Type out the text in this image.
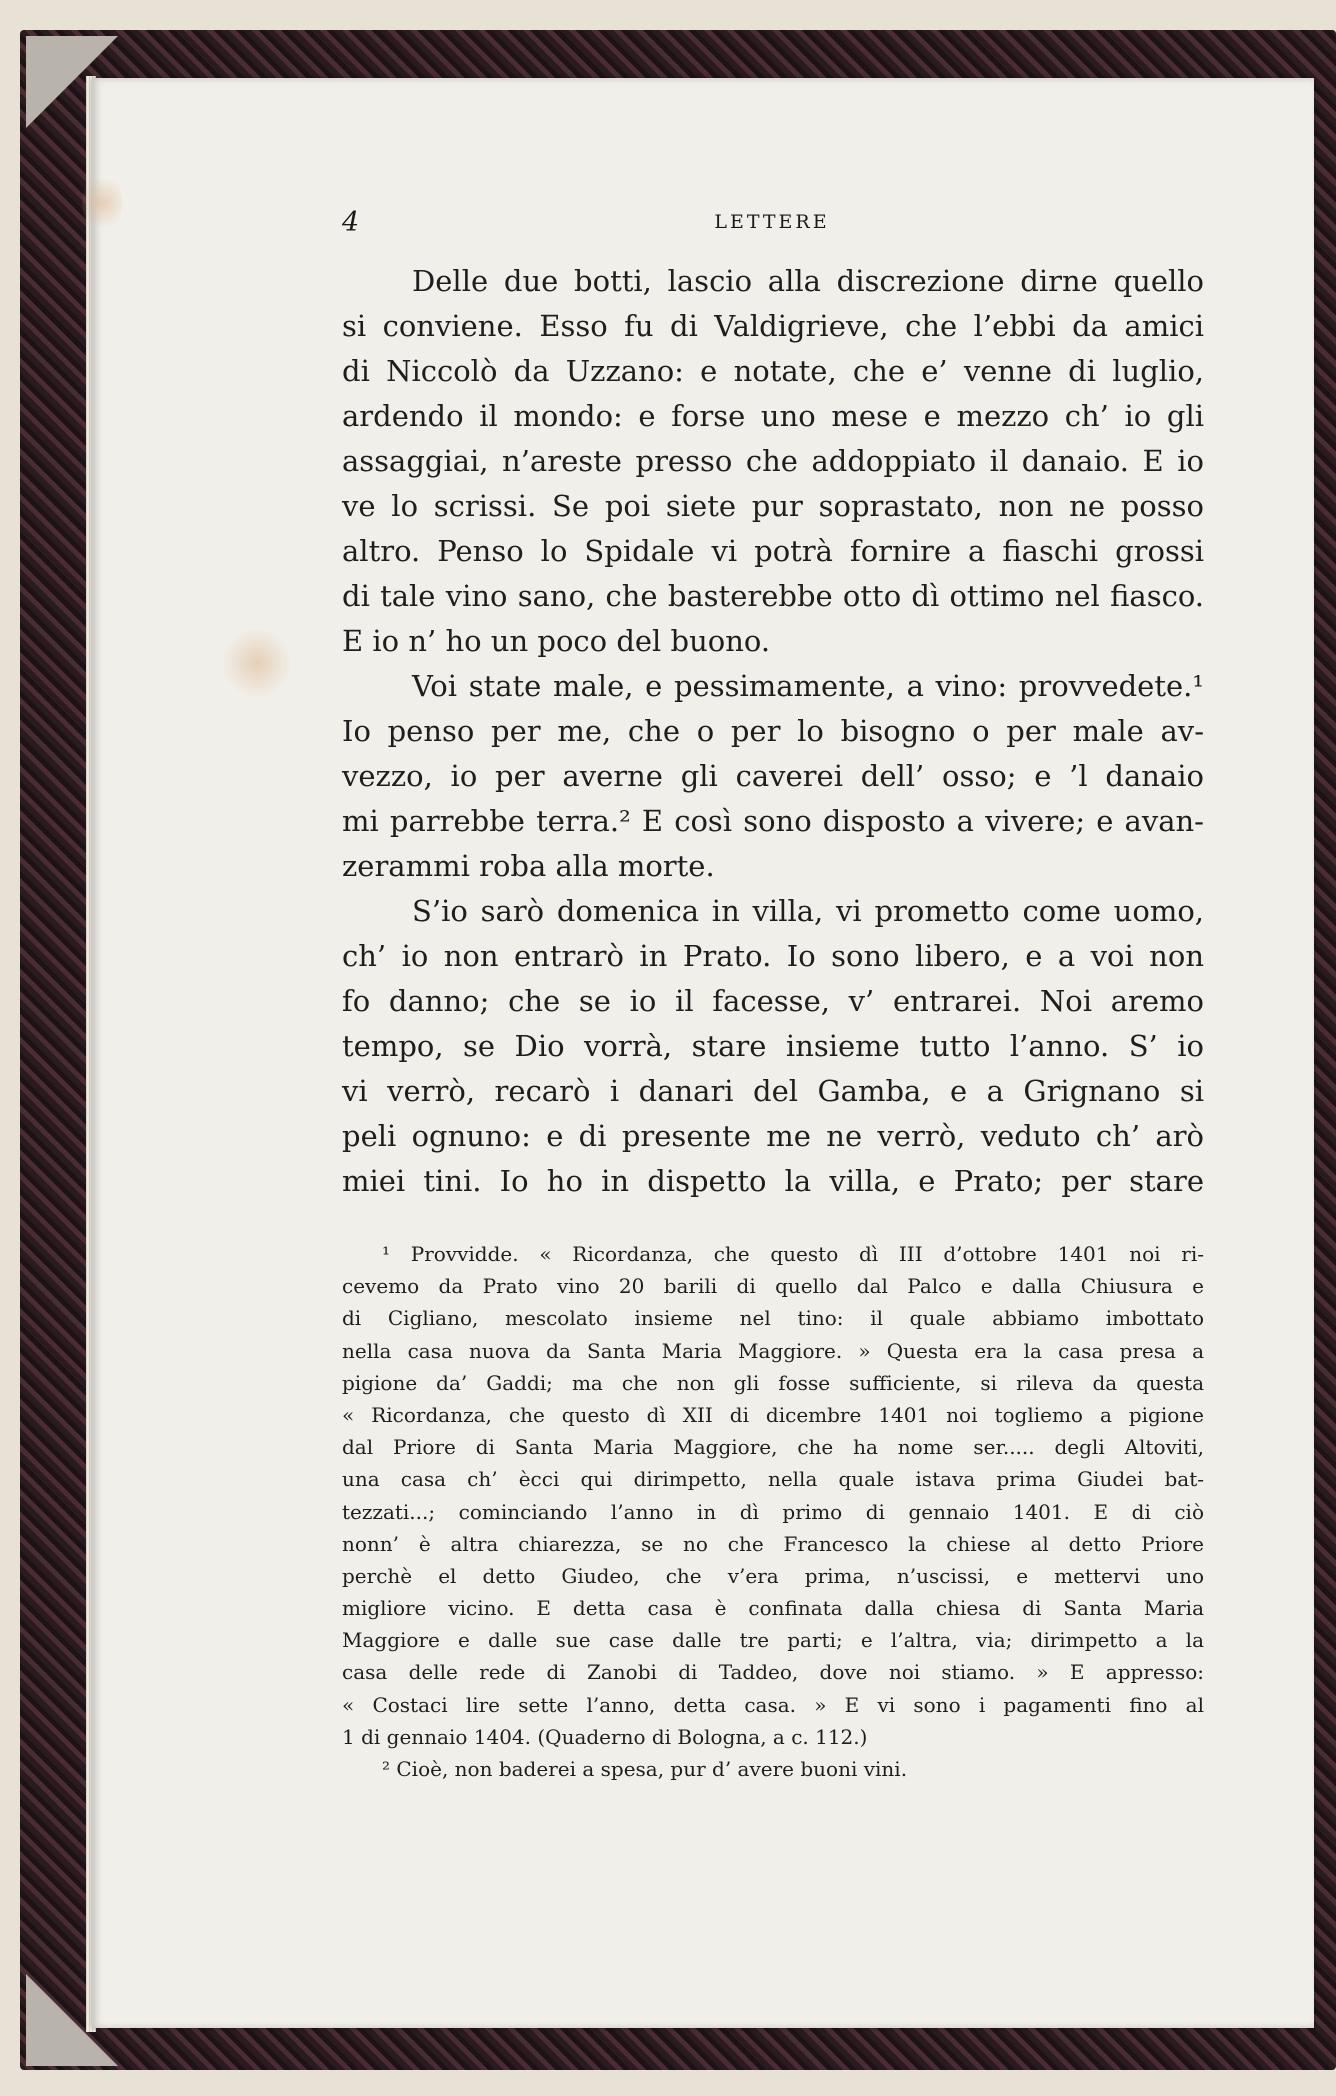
4	LETTERE
Delle due botti, lascio alla discrezione dirne quello
si conviene. Esso fu di Valdigrieve, che l’ebbi da amici
di Niccolò da Uzzano: e notate, che e’ venne di luglio,
ardendo il mondo: e forse uno mese e mezzo ch’ io gli
assaggiai, n’areste presso che addoppiato il danaio. E io
ve lo scrissi. Se poi siete pur soprastato, non ne posso
altro. Penso lo Spidale vi potrà fornire a fiaschi grossi
di tale vino sano, che basterebbe otto dì ottimo nel fiasco.
E io n’ ho un poco del buono.
Voi state male, e pessimamente, a vino: provvedete.¹
Io penso per me, che o per lo bisogno o per male av-
vezzo, io per averne gli caverei dell’ osso; e ’l danaio
mi parrebbe terra.² E così sono disposto a vivere; e avan-
zerammi roba alla morte.
S’io sarò domenica in villa, vi prometto come uomo,
ch’ io non entrarò in Prato. Io sono libero, e a voi non
fo danno; che se io il facesse, v’ entrarei. Noi aremo
tempo, se Dio vorrà, stare insieme tutto l’anno. S’ io
vi verrò, recarò i danari del Gamba, e a Grignano si
peli ognuno: e di presente me ne verrò, veduto ch’ arò
miei tini. Io ho in dispetto la villa, e Prato; per stare
¹ Provvidde. « Ricordanza, che questo dì III d’ottobre 1401 noi ri-
cevemo da Prato vino 20 barili di quello dal Palco e dalla Chiusura e
di Cigliano, mescolato insieme nel tino: il quale abbiamo imbottato
nella casa nuova da Santa Maria Maggiore. » Questa era la casa presa a
pigione da’ Gaddi; ma che non gli fosse sufficiente, si rileva da questa
« Ricordanza, che questo dì XII di dicembre 1401 noi togliemo a pigione
dal Priore di Santa Maria Maggiore, che ha nome ser..... degli Altoviti,
una casa ch’ ècci qui dirimpetto, nella quale istava prima Giudei bat-
tezzati...; cominciando l’anno in dì primo di gennaio 1401. E di ciò
nonn’ è altra chiarezza, se no che Francesco la chiese al detto Priore
perchè el detto Giudeo, che v’era prima, n’uscissi, e mettervi uno
migliore vicino. E detta casa è confinata dalla chiesa di Santa Maria
Maggiore e dalle sue case dalle tre parti; e l’altra, via; dirimpetto a la
casa delle rede di Zanobi di Taddeo, dove noi stiamo. » E appresso:
« Costaci lire sette l’anno, detta casa. » E vi sono i pagamenti fino al
1 di gennaio 1404. (Quaderno di Bologna, a c. 112.)
² Cioè, non baderei a spesa, pur d’ avere buoni vini.
